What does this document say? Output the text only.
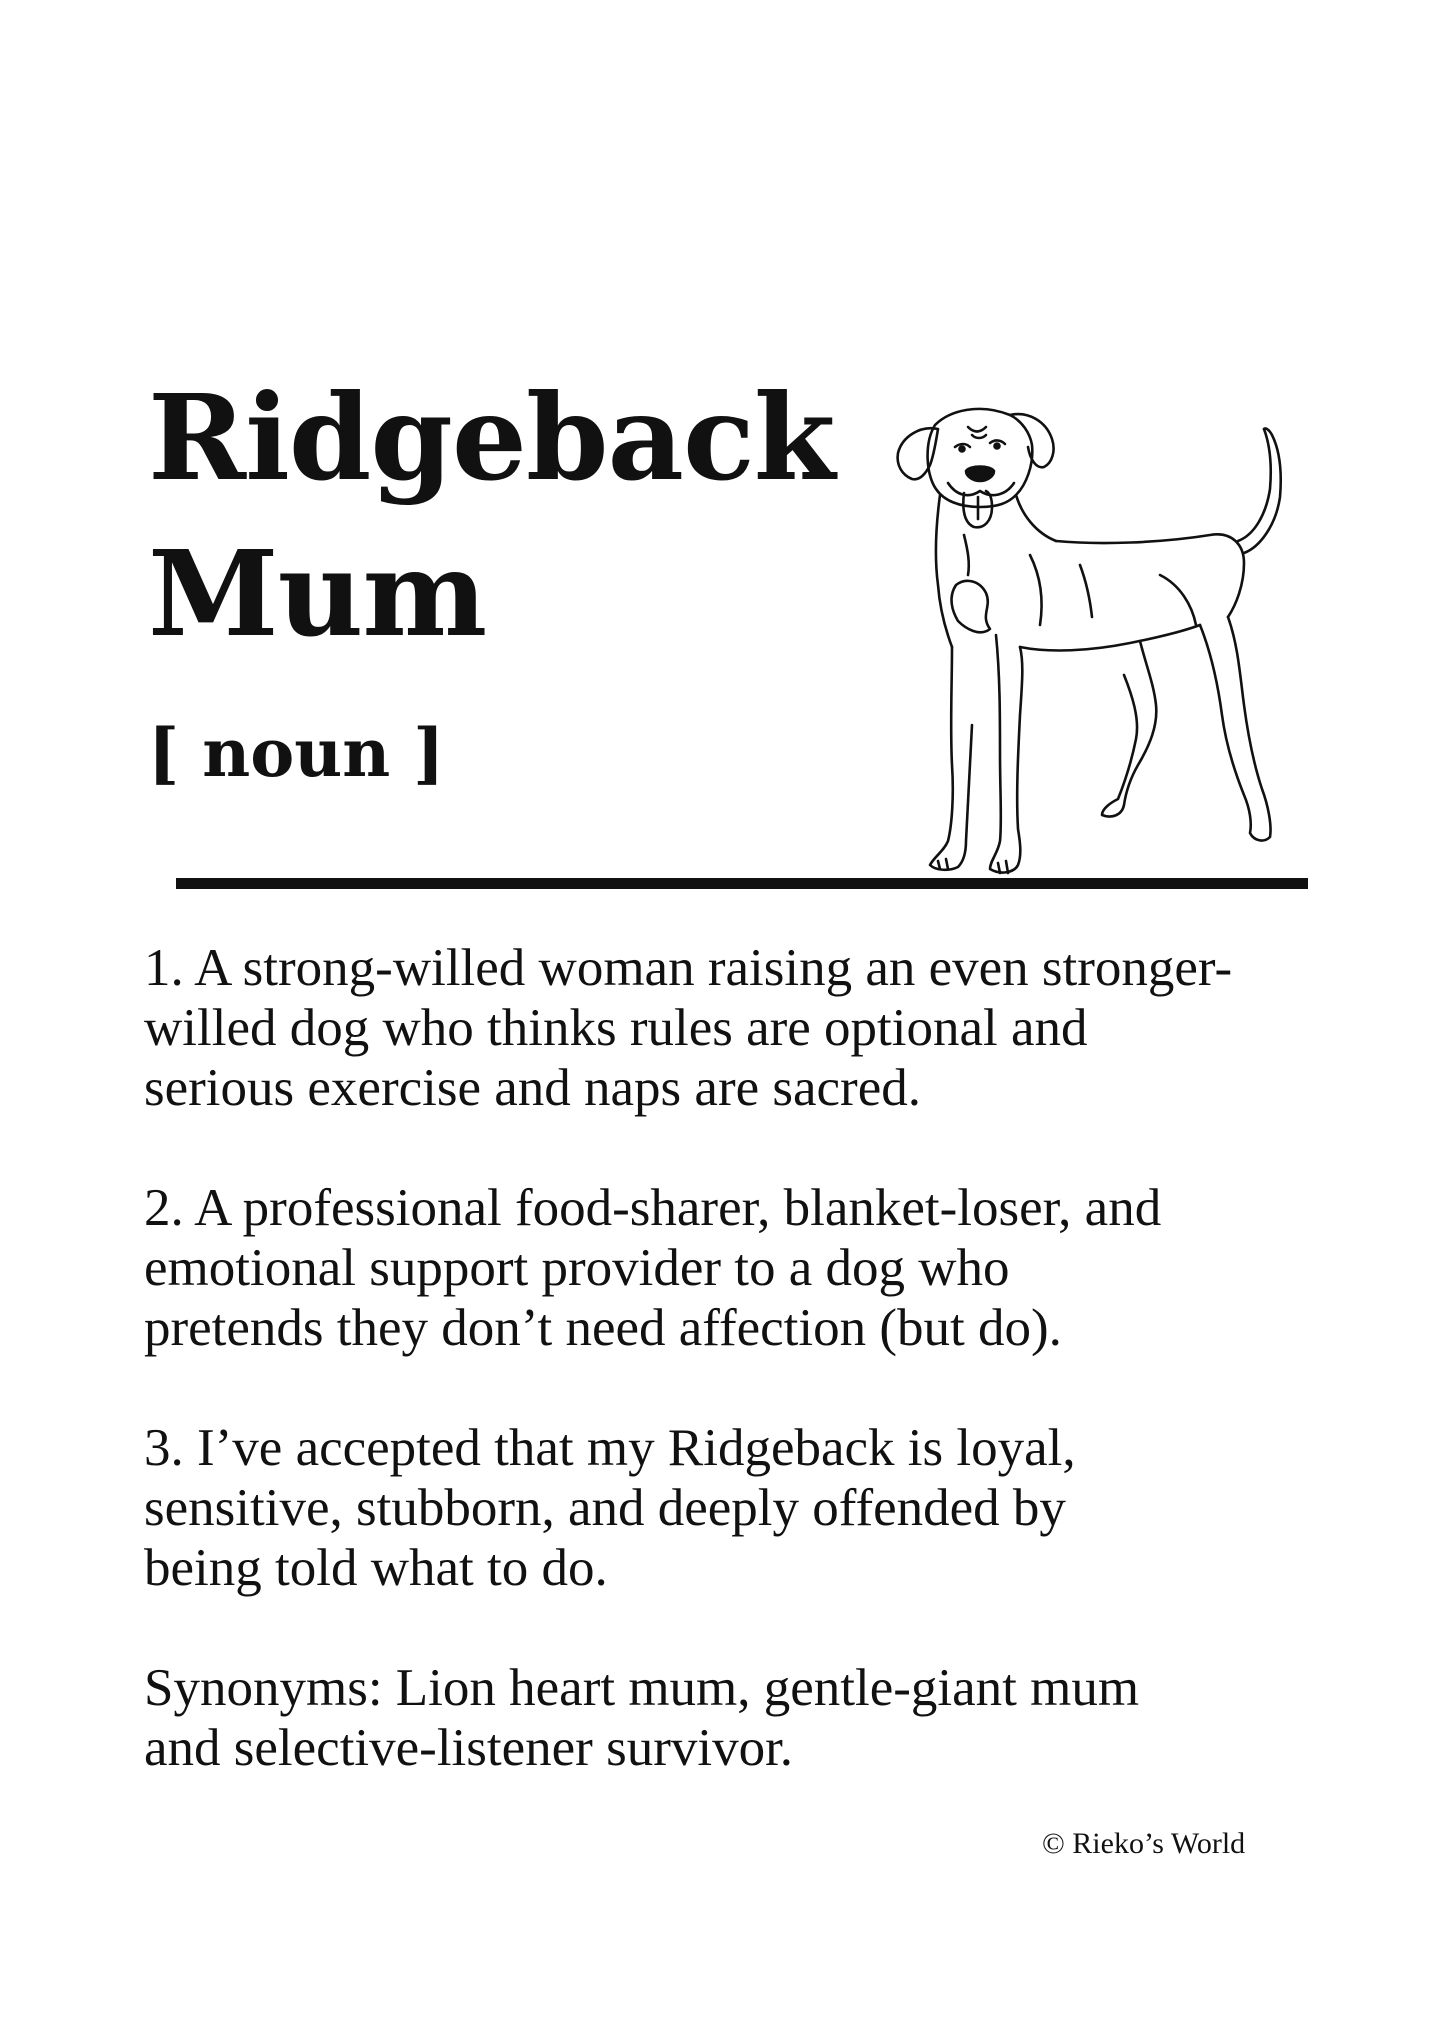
Ridgeback
Mum
[ noun ]

1. A strong-willed woman raising an even stronger-
willed dog who thinks rules are optional and
serious exercise and naps are sacred.

2. A professional food-sharer, blanket-loser, and
emotional support provider to a dog who
pretends they don’t need affection (but do).

3. I’ve accepted that my Ridgeback is loyal,
sensitive, stubborn, and deeply offended by
being told what to do.

Synonyms: Lion heart mum, gentle-giant mum
and selective-listener survivor.

© Rieko’s World
